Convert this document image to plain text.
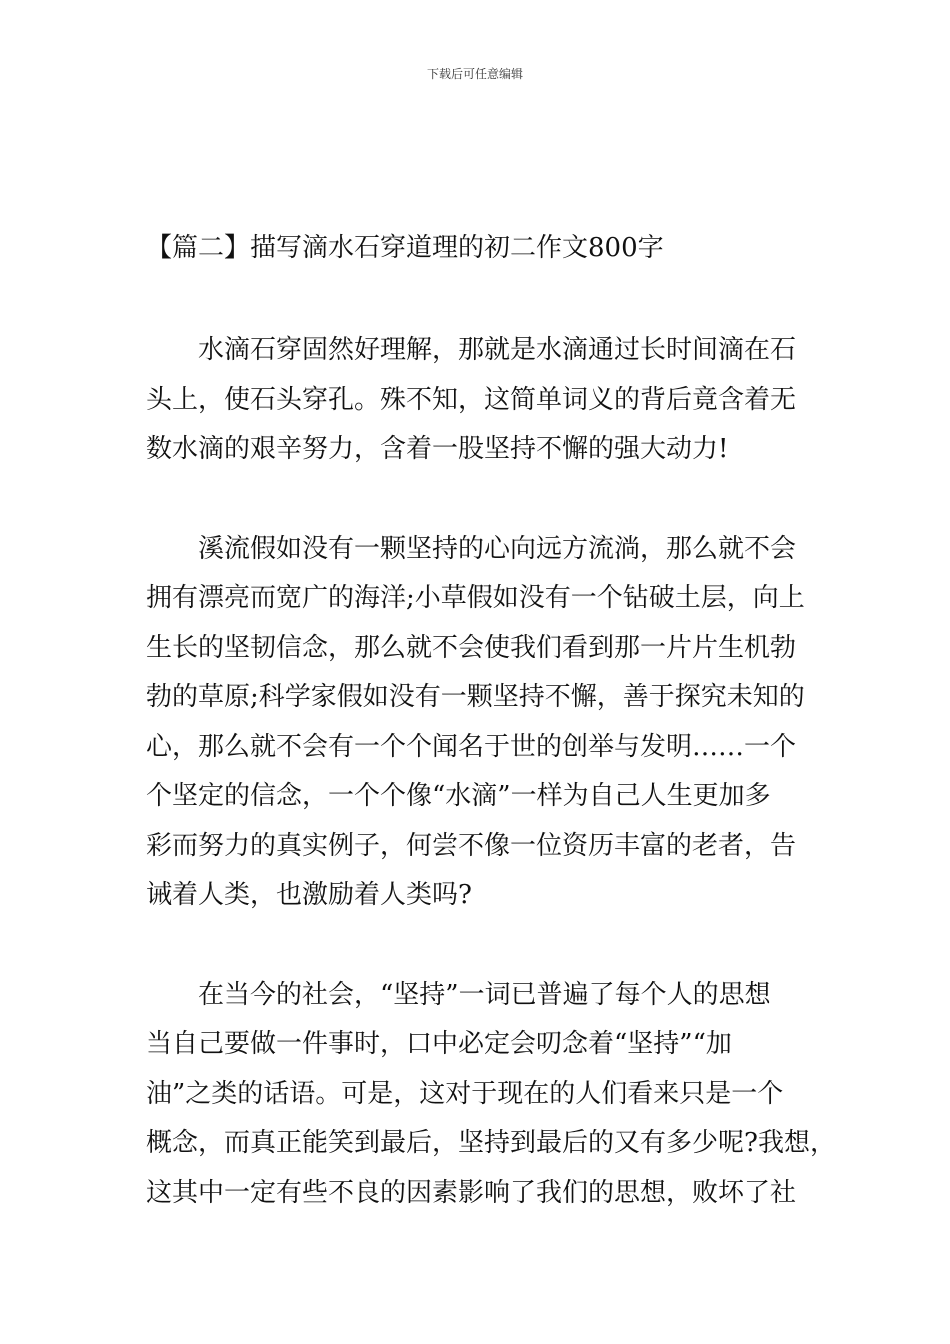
下载后可任意编辑
【篇二】描写滴水石穿道理的初二作文800字
水滴石穿固然好理解，那就是水滴通过长时间滴在石
头上，使石头穿孔。殊不知，这简单词义的背后竟含着无
数水滴的艰辛努力，含着一股坚持不懈的强大动力!
溪流假如没有一颗坚持的心向远方流淌，那么就不会
拥有漂亮而宽广的海洋;小草假如没有一个钻破土层，向上
生长的坚韧信念，那么就不会使我们看到那一片片生机勃
勃的草原;科学家假如没有一颗坚持不懈，善于探究未知的
心，那么就不会有一个个闻名于世的创举与发明……一个
个坚定的信念，一个个像“水滴”一样为自己人生更加多
彩而努力的真实例子，何尝不像一位资历丰富的老者，告
诫着人类，也激励着人类吗?
在当今的社会，“坚持”一词已普遍了每个人的思想
当自己要做一件事时，口中必定会叨念着“坚持”“加
油”之类的话语。可是，这对于现在的人们看来只是一个
概念，而真正能笑到最后，坚持到最后的又有多少呢?我想，
这其中一定有些不良的因素影响了我们的思想，败坏了社
